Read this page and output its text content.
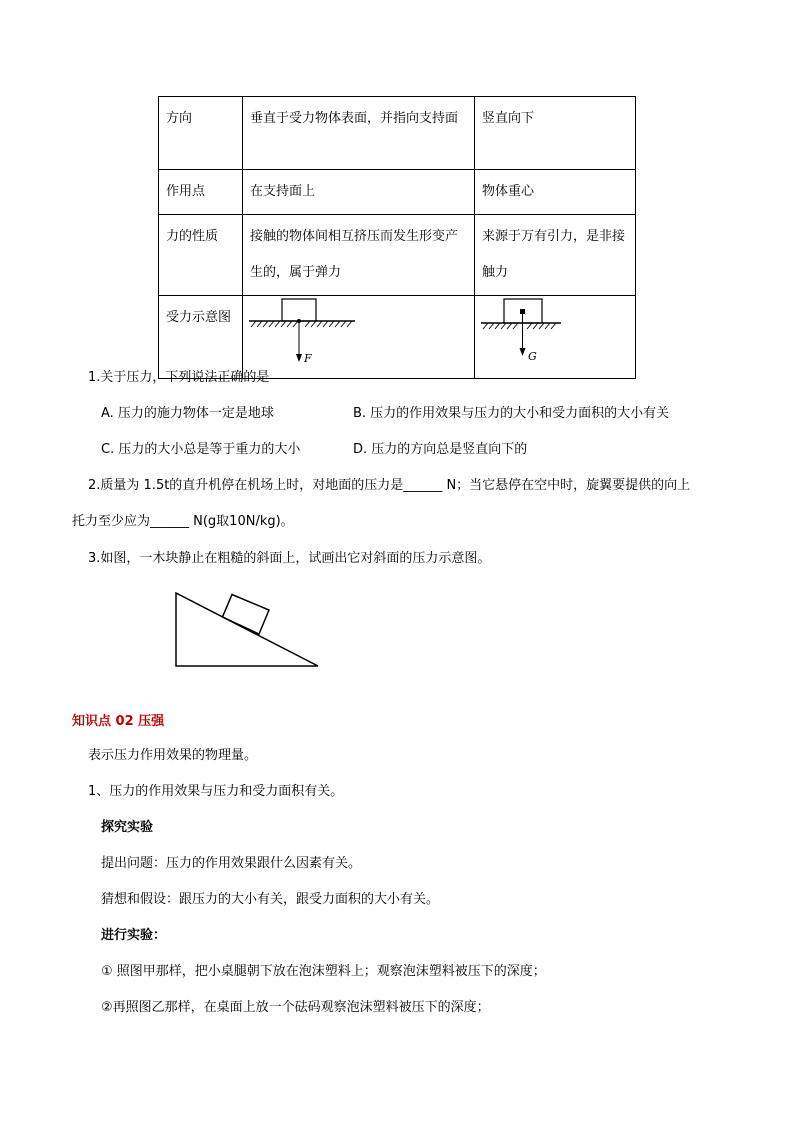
方向	垂直于受力物体表面，并指向支持面	竖直向下

作用点	在支持面上	物体重心

力的性质	接触的物体间相互挤压而发生形变产生的，属于弹力	来源于万有引力，是非接触力

受力示意图	F	G
1.关于压力，下列说法正确的是
A. 压力的施力物体一定是地球	B. 压力的作用效果与压力的大小和受力面积的大小有关
C. 压力的大小总是等于重力的大小	D. 压力的方向总是竖直向下的
2.质量为 1.5t的直升机停在机场上时，对地面的压力是______ N；当它悬停在空中时，旋翼要提供的向上
托力至少应为______ N(g取10N/kg)。
3.如图，一木块静止在粗糙的斜面上，试画出它对斜面的压力示意图。
知识点 02 压强
表示压力作用效果的物理量。
1、压力的作用效果与压力和受力面积有关。
探究实验
提出问题：压力的作用效果跟什么因素有关。
猜想和假设：跟压力的大小有关，跟受力面积的大小有关。
进行实验：
① 照图甲那样，把小桌腿朝下放在泡沫塑料上；观察泡沫塑料被压下的深度；
②再照图乙那样，在桌面上放一个砝码观察泡沫塑料被压下的深度；
